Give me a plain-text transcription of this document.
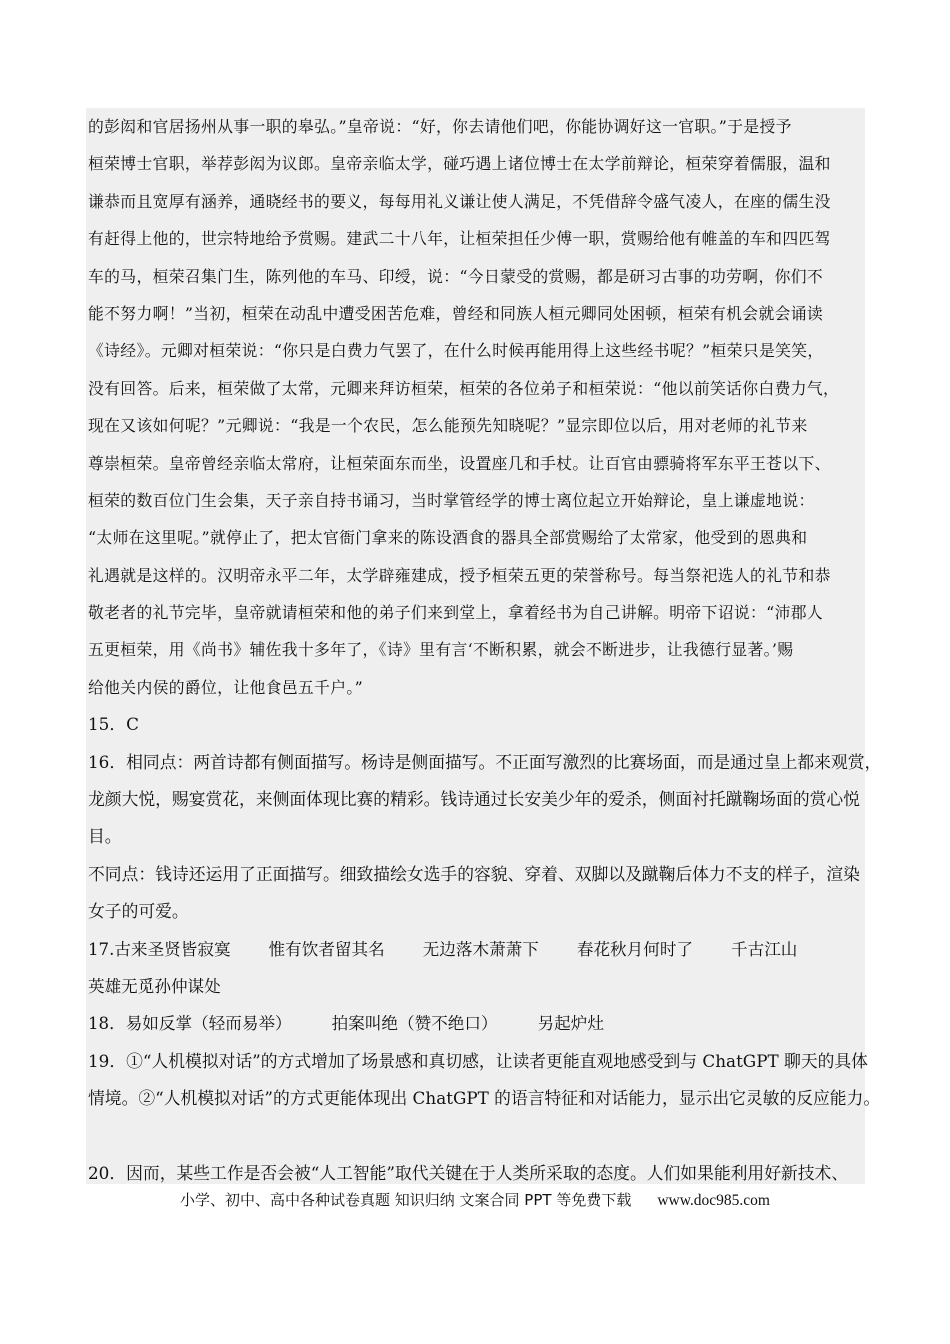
的彭闳和官居扬州从事一职的皋弘。”皇帝说：“好，你去请他们吧，你能协调好这一官职。”于是授予
桓荣博士官职，举荐彭闳为议郎。皇帝亲临太学，碰巧遇上诸位博士在太学前辩论，桓荣穿着儒服，温和
谦恭而且宽厚有涵养，通晓经书的要义，每每用礼义谦让使人满足，不凭借辞令盛气凌人，在座的儒生没
有赶得上他的，世宗特地给予赏赐。建武二十八年，让桓荣担任少傅一职，赏赐给他有帷盖的车和四匹驾
车的马，桓荣召集门生，陈列他的车马、印绶，说：“今日蒙受的赏赐，都是研习古事的功劳啊，你们不
能不努力啊！”当初，桓荣在动乱中遭受困苦危难，曾经和同族人桓元卿同处困顿，桓荣有机会就会诵读
《诗经》。元卿对桓荣说：“你只是白费力气罢了，在什么时候再能用得上这些经书呢？”桓荣只是笑笑，
没有回答。后来，桓荣做了太常，元卿来拜访桓荣，桓荣的各位弟子和桓荣说：“他以前笑话你白费力气，
现在又该如何呢？”元卿说：“我是一个农民，怎么能预先知晓呢？”显宗即位以后，用对老师的礼节来
尊崇桓荣。皇帝曾经亲临太常府，让桓荣面东而坐，设置座几和手杖。让百官由骠骑将军东平王苍以下、
桓荣的数百位门生会集，天子亲自持书诵习，当时掌管经学的博士离位起立开始辩论，皇上谦虚地说：
“太师在这里呢。”就停止了，把太官衙门拿来的陈设酒食的器具全部赏赐给了太常家，他受到的恩典和
礼遇就是这样的。汉明帝永平二年，太学辟雍建成，授予桓荣五更的荣誉称号。每当祭祀选人的礼节和恭
敬老者的礼节完毕，皇帝就请桓荣和他的弟子们来到堂上，拿着经书为自己讲解。明帝下诏说：“沛郡人
五更桓荣，用《尚书》辅佐我十多年了，《诗》里有言‘不断积累，就会不断进步，让我德行显著。’赐
给他关内侯的爵位，让他食邑五千户。”
15．C
16．相同点：两首诗都有侧面描写。杨诗是侧面描写。不正面写激烈的比赛场面，而是通过皇上都来观赏，
龙颜大悦，赐宴赏花，来侧面体现比赛的精彩。钱诗通过长安美少年的爱杀，侧面衬托蹴鞠场面的赏心悦
目。
不同点：钱诗还运用了正面描写。细致描绘女选手的容貌、穿着、双脚以及蹴鞠后体力不支的样子，渲染
女子的可爱。
17.古来圣贤皆寂寞 惟有饮者留其名 无边落木萧萧下 春花秋月何时了 千古江山
英雄无觅孙仲谋处
18．易如反掌（轻而易举） 拍案叫绝（赞不绝口） 另起炉灶
19．①“人机模拟对话”的方式增加了场景感和真切感，让读者更能直观地感受到与 ChatGPT 聊天的具体
情境。②“人机模拟对话”的方式更能体现出 ChatGPT 的语言特征和对话能力，显示出它灵敏的反应能力。
20．因而，某些工作是否会被“人工智能”取代关键在于人类所采取的态度。人们如果能利用好新技术、
小学、初中、高中各种试卷真题 知识归纳 文案合同 PPT 等免费下载 www.doc985.com
